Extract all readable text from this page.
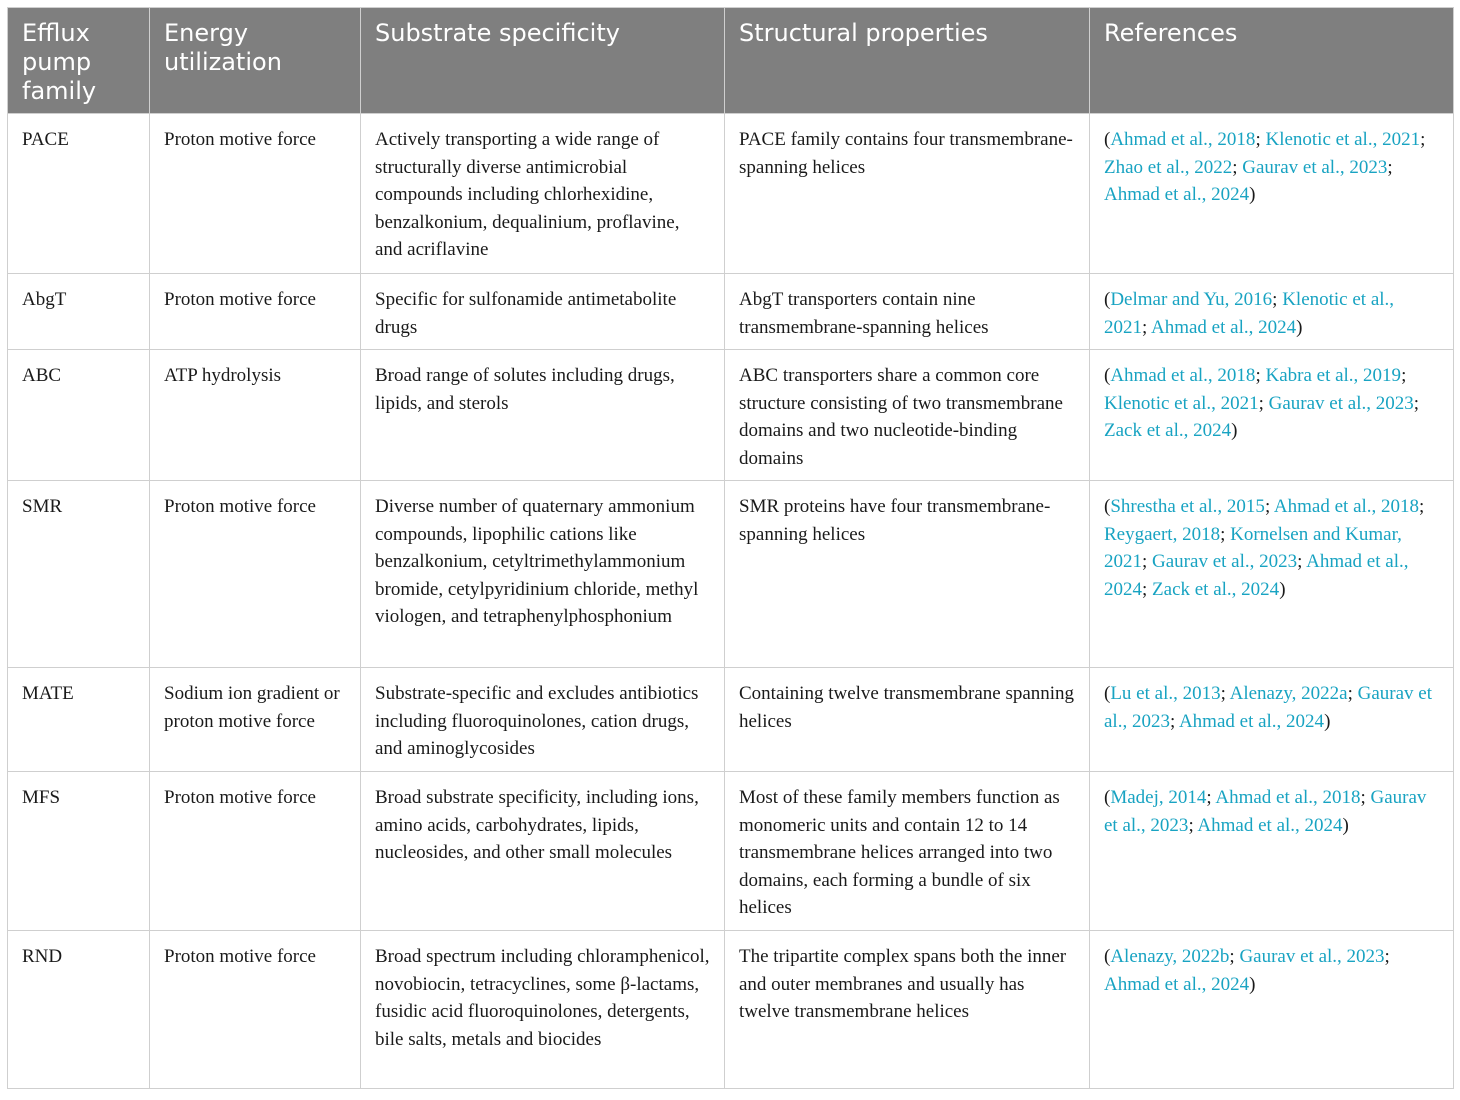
Efflux pump family	Energy utilization	Substrate specificity	Structural properties	References
PACE	Proton motive force	Actively transporting a wide range of structurally diverse antimicrobial compounds including chlorhexidine, benzalkonium, dequalinium, proflavine, and acriflavine	PACE family contains four transmembrane-spanning helices	(Ahmad et al., 2018; Klenotic et al., 2021; Zhao et al., 2022; Gaurav et al., 2023; Ahmad et al., 2024)
AbgT	Proton motive force	Specific for sulfonamide antimetabolite drugs	AbgT transporters contain nine transmembrane-spanning helices	(Delmar and Yu, 2016; Klenotic et al., 2021; Ahmad et al., 2024)
ABC	ATP hydrolysis	Broad range of solutes including drugs, lipids, and sterols	ABC transporters share a common core structure consisting of two transmembrane domains and two nucleotide-binding domains	(Ahmad et al., 2018; Kabra et al., 2019; Klenotic et al., 2021; Gaurav et al., 2023; Zack et al., 2024)
SMR	Proton motive force	Diverse number of quaternary ammonium compounds, lipophilic cations like benzalkonium, cetyltrimethylammonium bromide, cetylpyridinium chloride, methyl viologen, and tetraphenylphosphonium	SMR proteins have four transmembrane-spanning helices	(Shrestha et al., 2015; Ahmad et al., 2018; Reygaert, 2018; Kornelsen and Kumar, 2021; Gaurav et al., 2023; Ahmad et al., 2024; Zack et al., 2024)
MATE	Sodium ion gradient or proton motive force	Substrate-specific and excludes antibiotics including fluoroquinolones, cation drugs, and aminoglycosides	Containing twelve transmembrane spanning helices	(Lu et al., 2013; Alenazy, 2022a; Gaurav et al., 2023; Ahmad et al., 2024)
MFS	Proton motive force	Broad substrate specificity, including ions, amino acids, carbohydrates, lipids, nucleosides, and other small molecules	Most of these family members function as monomeric units and contain 12 to 14 transmembrane helices arranged into two domains, each forming a bundle of six helices	(Madej, 2014; Ahmad et al., 2018; Gaurav et al., 2023; Ahmad et al., 2024)
RND	Proton motive force	Broad spectrum including chloramphenicol, novobiocin, tetracyclines, some β-lactams, fusidic acid fluoroquinolones, detergents, bile salts, metals and biocides	The tripartite complex spans both the inner and outer membranes and usually has twelve transmembrane helices	(Alenazy, 2022b; Gaurav et al., 2023; Ahmad et al., 2024)
